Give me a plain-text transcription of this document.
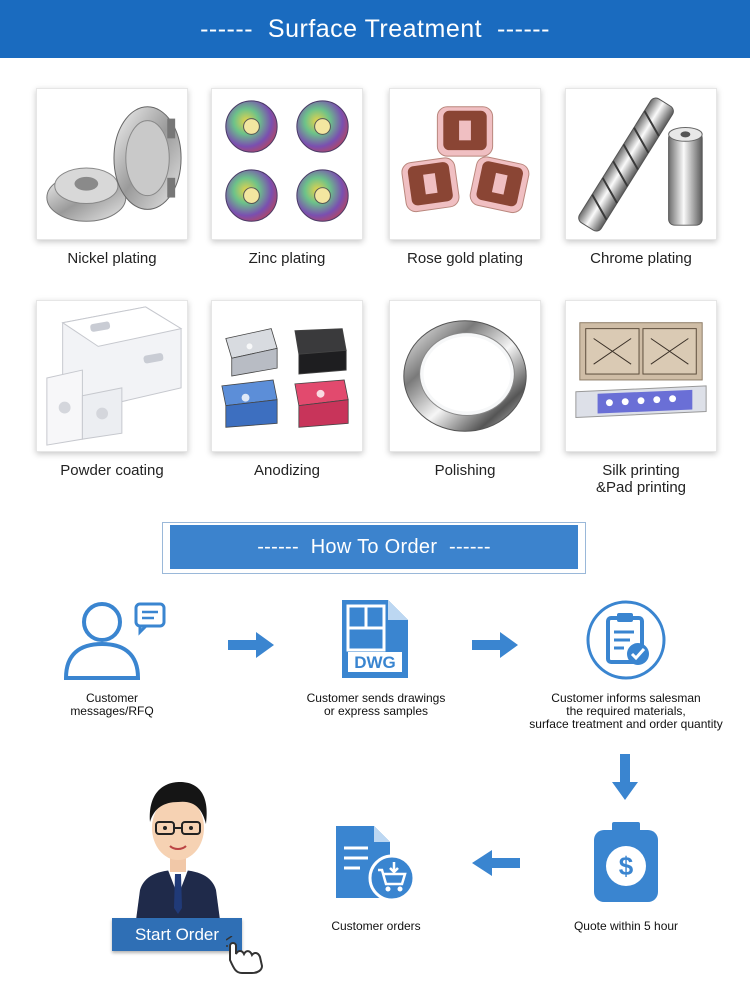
------  Surface Treatment  ------
Nickel plating	Zinc plating	Rose gold plating	Chrome plating
Powder coating	Anodizing	Polishing	Silk printing
&Pad printing
------  How To Order  ------
Customer
messages/RFQ
DWG
Customer sends drawings
or express samples
Customer informs salesman
the required materials,
surface treatment and order quantity
$
Quote within 5 hour
Customer orders
Start Order
